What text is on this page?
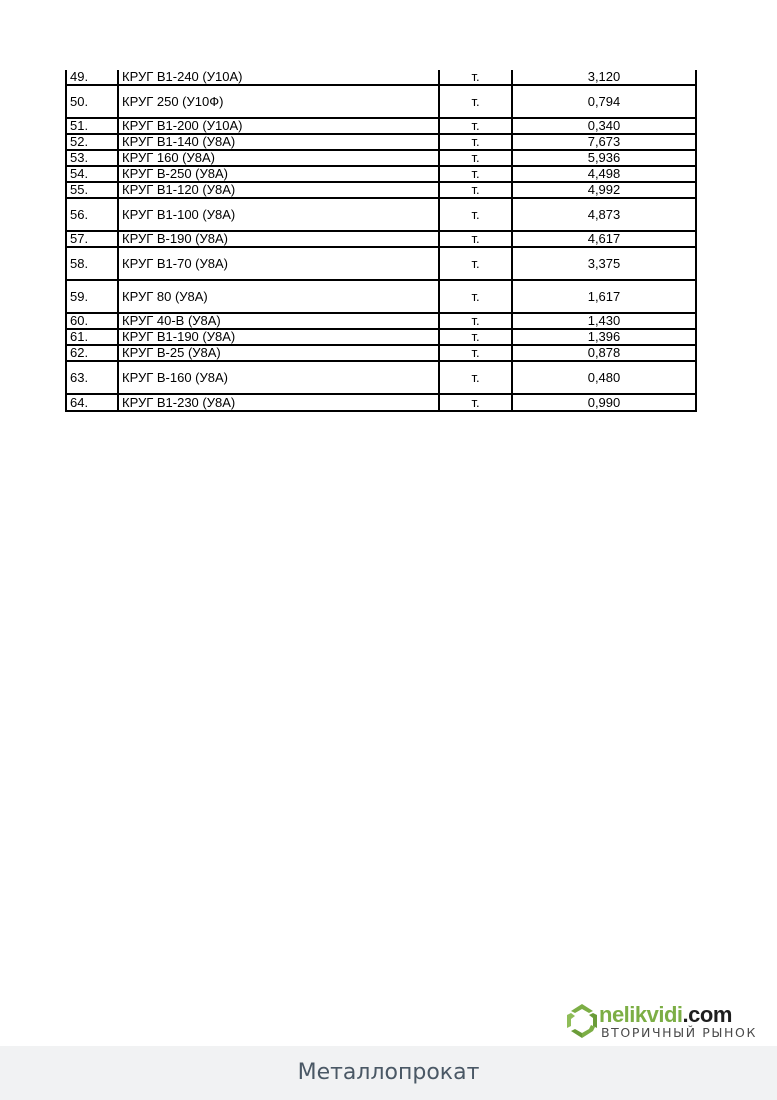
49.	КРУГ В1-240 (У10А)	т.	3,120
50.	КРУГ 250 (У10Ф)	т.	0,794
51.	КРУГ В1-200 (У10А)	т.	0,340
52.	КРУГ В1-140 (У8А)	т.	7,673
53.	КРУГ 160 (У8А)	т.	5,936
54.	КРУГ В-250 (У8А)	т.	4,498
55.	КРУГ В1-120 (У8А)	т.	4,992
56.	КРУГ В1-100 (У8А)	т.	4,873
57.	КРУГ В-190 (У8А)	т.	4,617
58.	КРУГ В1-70 (У8А)	т.	3,375
59.	КРУГ 80 (У8А)	т.	1,617
60.	КРУГ 40-В (У8А)	т.	1,430
61.	КРУГ В1-190 (У8А)	т.	1,396
62.	КРУГ В-25 (У8А)	т.	0,878
63.	КРУГ В-160 (У8А)	т.	0,480
64.	КРУГ В1-230 (У8А)	т.	0,990
nelikvidi.com
ВТОРИЧНЫЙ РЫНОК
Металлопрокат
